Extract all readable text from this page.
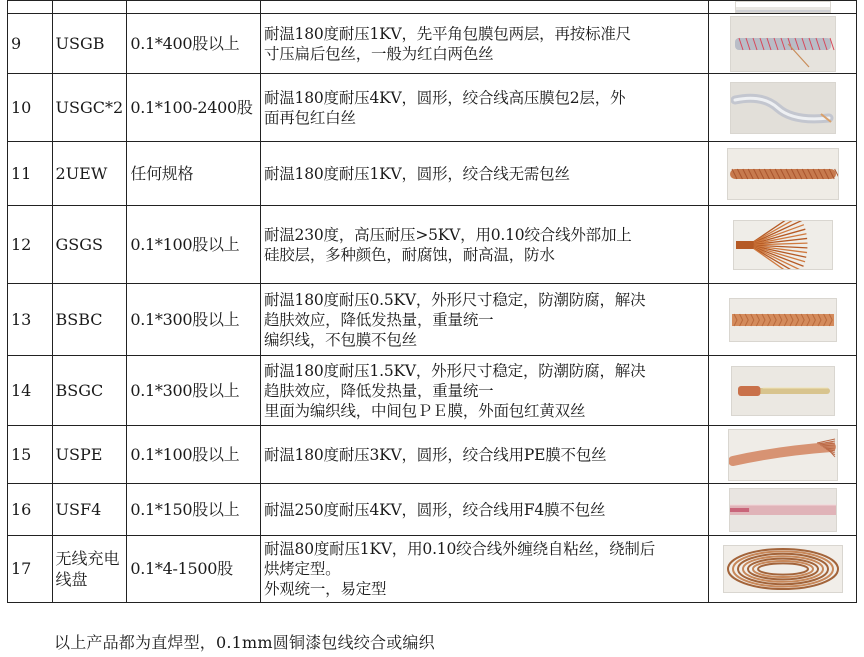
9	USGB	0.1*400股以上	耐温180度耐压1KV，先平角包膜包两层，再按标准尺
寸压扁后包丝，一般为红白两色丝

10	USGC*2	0.1*100-2400股	耐温180度耐压4KV，圆形，绞合线高压膜包2层，外
面再包红白丝

11	2UEW	任何规格	耐温180度耐压1KV，圆形，绞合线无需包丝

12	GSGS	0.1*100股以上	耐温230度，高压耐压>5KV，用0.10绞合线外部加上
硅胶层，多种颜色，耐腐蚀，耐高温，防水

13	BSBC	0.1*300股以上	耐温180度耐压0.5KV，外形尺寸稳定，防潮防腐，解决
趋肤效应，降低发热量，重量统一
编织线，不包膜不包丝

14	BSGC	0.1*300股以上	耐温180度耐压1.5KV，外形尺寸稳定，防潮防腐，解决
趋肤效应，降低发热量，重量统一
里面为编织线，中间包ＰＥ膜，外面包红黄双丝

15	USPE	0.1*100股以上	耐温180度耐压3KV，圆形，绞合线用PE膜不包丝

16	USF4	0.1*150股以上	耐温250度耐压4KV，圆形，绞合线用F4膜不包丝

17	无线充电线盘	0.1*4-1500股	耐温80度耐压1KV，用0.10绞合线外缠绕自粘丝，绕制后
烘烤定型。
外观统一，易定型

以上产品都为直焊型，0.1mm圆铜漆包线绞合或编织
